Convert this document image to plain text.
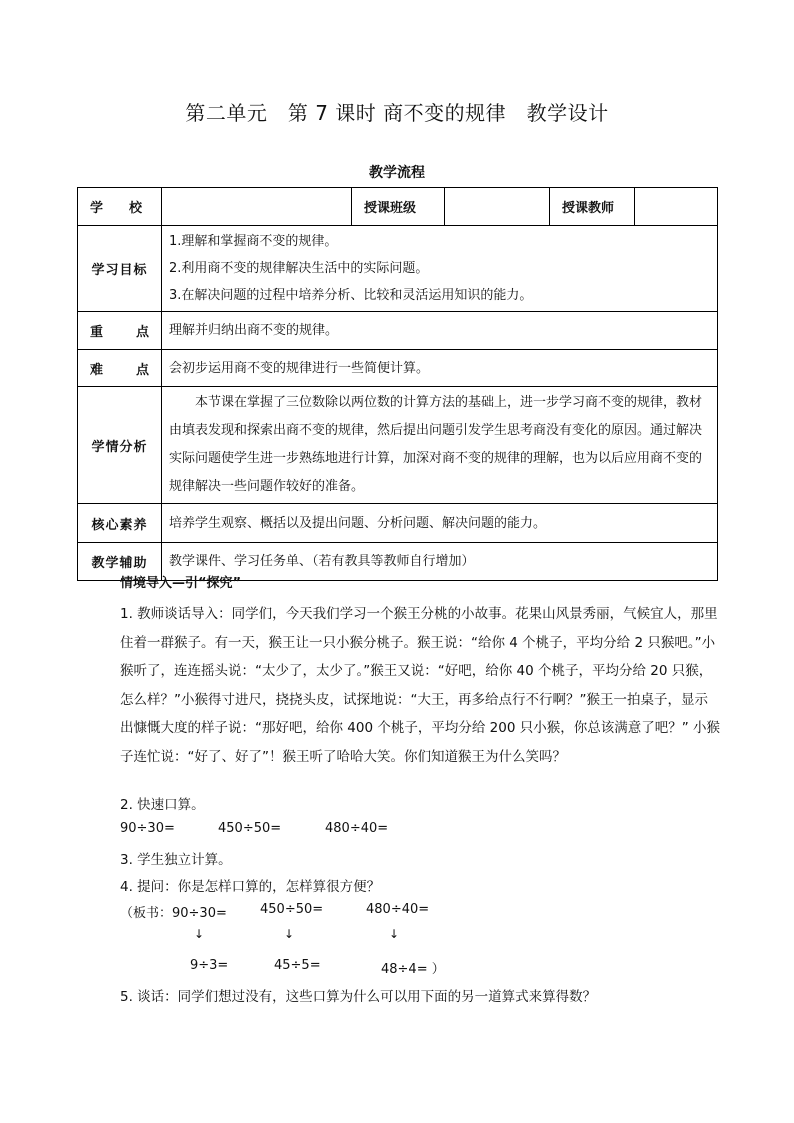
第二单元　第 7 课时 商不变的规律　教学设计
教学流程
学　　校		授课班级		授课教师	

学习目标	1.理解和掌握商不变的规律。
2.利用商不变的规律解决生活中的实际问题。
3.在解决问题的过程中培养分析、比较和灵活运用知识的能力。				

重 点	理解并归纳出商不变的规律。				

难 点	会初步运用商不变的规律进行一些简便计算。				

学情分析	本节课在掌握了三位数除以两位数的计算方法的基础上，进一步学习商不变的规律，教材由填表发现和探索出商不变的规律，然后提出问题引发学生思考商没有变化的原因。通过解决实际问题使学生进一步熟练地进行计算，加深对商不变的规律的理解，也为以后应用商不变的规律解决一些问题作较好的准备。				

核心素养	培养学生观察、概括以及提出问题、分析问题、解决问题的能力。				

教学辅助	教学课件、学习任务单、（若有教具等教师自行增加）				
情境导入—引“探究”

1. 教师谈话导入：同学们，今天我们学习一个猴王分桃的小故事。花果山风景秀丽，气候宜人，那里住着一群猴子。有一天，猴王让一只小猴分桃子。猴王说：“给你 4 个桃子，平均分给 2 只猴吧。”小猴听了，连连摇头说：“太少了，太少了。”猴王又说：“好吧，给你 40 个桃子，平均分给 20 只猴，怎么样？”小猴得寸进尺，挠挠头皮，试探地说：“大王，再多给点行不行啊？”猴王一拍桌子，显示出慷慨大度的样子说：“那好吧，给你 400 个桃子，平均分给 200 只小猴，你总该满意了吧？” 小猴子连忙说：“好了、好了”！猴王听了哈哈大笑。你们知道猴王为什么笑吗？

2. 快速口算。
90÷30=	450÷50=	480÷40=
3. 学生独立计算。
4. 提问：你是怎样口算的，怎样算很方便？
（板书：90÷30=	450÷50=	480÷40=
↓	↓	↓
9÷3=	45÷5=	48÷4= ）
5. 谈话：同学们想过没有，这些口算为什么可以用下面的另一道算式来算得数？
